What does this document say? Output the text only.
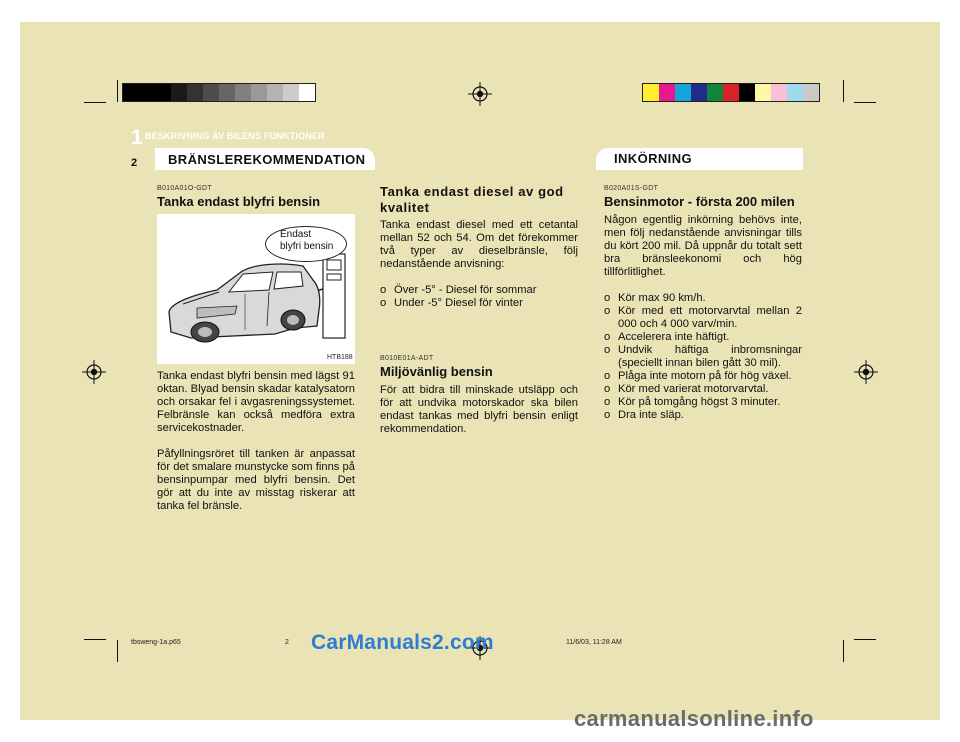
1 BESKRIVNING AV BILENS FUNKTIONER
2 BRÄNSLEREKOMMENDATION	INKÖRNING
B010A01O-GDT
Tanka endast blyfri bensin
Endast
blyfri bensin
HTB188

Tanka endast blyfri bensin med lägst 91 oktan. Blyad bensin skadar katalysatorn och orsakar fel i avgasreningssystemet. Felbränsle kan också medföra extra servicekostnader.

Påfyllningsröret till tanken är anpassat för det smalare munstycke som finns på bensinpumpar med blyfri bensin. Det gör att du inte av misstag riskerar att tanka fel bränsle.

Tanka endast diesel av god kvalitet

Tanka endast diesel med ett cetantal mellan 52 och 54. Om det förekommer två typer av dieselbränsle, följ nedanstående anvisning:

o Över -5° - Diesel för sommar
o Under -5° Diesel för vinter
B010E01A-ADT
Miljövänlig bensin

För att bidra till minskade utsläpp och för att undvika motorskador ska bilen endast tankas med blyfri bensin enligt rekommendation.

B020A01S-GDT
Bensinmotor - första 200 milen

Någon egentlig inkörning behövs inte, men följ nedanstående anvisningar tills du kört 200 mil. Då uppnår du totalt sett bra bränsleekonomi och hög tillförlitlighet.

o Kör max 90 km/h.
o Kör med ett motorvarvtal mellan 2 000 och 4 000 varv/min.
o Accelerera inte häftigt.
o Undvik häftiga inbromsningar (speciellt innan bilen gått 30 mil).
o Plåga inte motorn på för hög växel.
o Kör med varierat motorvarvtal.
o Kör på tomgång högst 3 minuter.
o Dra inte släp.
tbsweng-1a.p65	2	11/6/03, 11:28 AM
CarManuals2.com
carmanualsonline.info
